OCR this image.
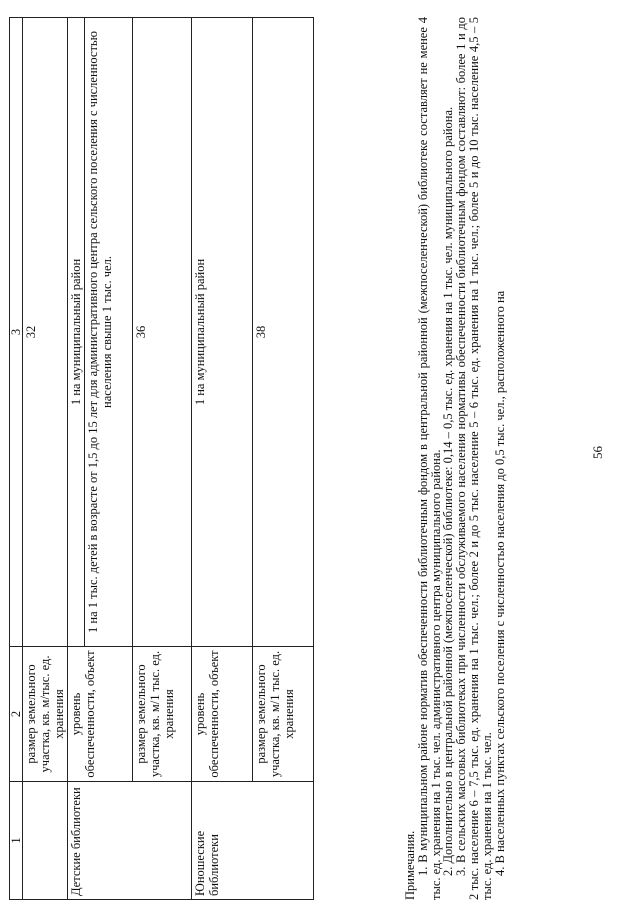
56
1	2	3
	размер земельного участка, кв. м/тыс. ед. хранения	32
Детские библиотеки	уровень обеспеченности, объект	1 на муниципальный район
		1 на 1 тыс. детей в возрасте от 1,5 до 15 лет для административного центра сельского поселения с численностью населения свыше 1 тыс. чел.
	размер земельного участка, кв. м/1 тыс. ед. хранения	36
Юношеские библиотеки	уровень обеспеченности, объект	1 на муниципальный район
	размер земельного участка, кв. м/1 тыс. ед. хранения	38

Примечания.

1. В муниципальном районе норматив обеспеченности библиотечным фондом в центральной районной (межпоселенческой) библиотеке составляет не менее 4 тыс. ед. хранения на 1 тыс. чел. административного центра муниципального района.

2. Дополнительно в центральной районной (межпоселенческой) библиотеке: 0,14 – 0,5 тыс. ед. хранения на 1 тыс. чел. муниципального района.

3. В сельских массовых библиотеках при численности обслуживаемого населения нормативы обеспеченности библиотечным фондом составляют: более 1 и до 2 тыс. население 6 – 7,5 тыс. ед. хранения на 1 тыс. чел.; более 2 и до 5 тыс. население 5 – 6 тыс. ед. хранения на 1 тыс. чел.; более 5 и до 10 тыс. население 4,5 – 5 тыс. ед. хранения на 1 тыс. чел.

4. В населенных пунктах сельского поселения с численностью населения до 0,5 тыс. чел., расположенного на
